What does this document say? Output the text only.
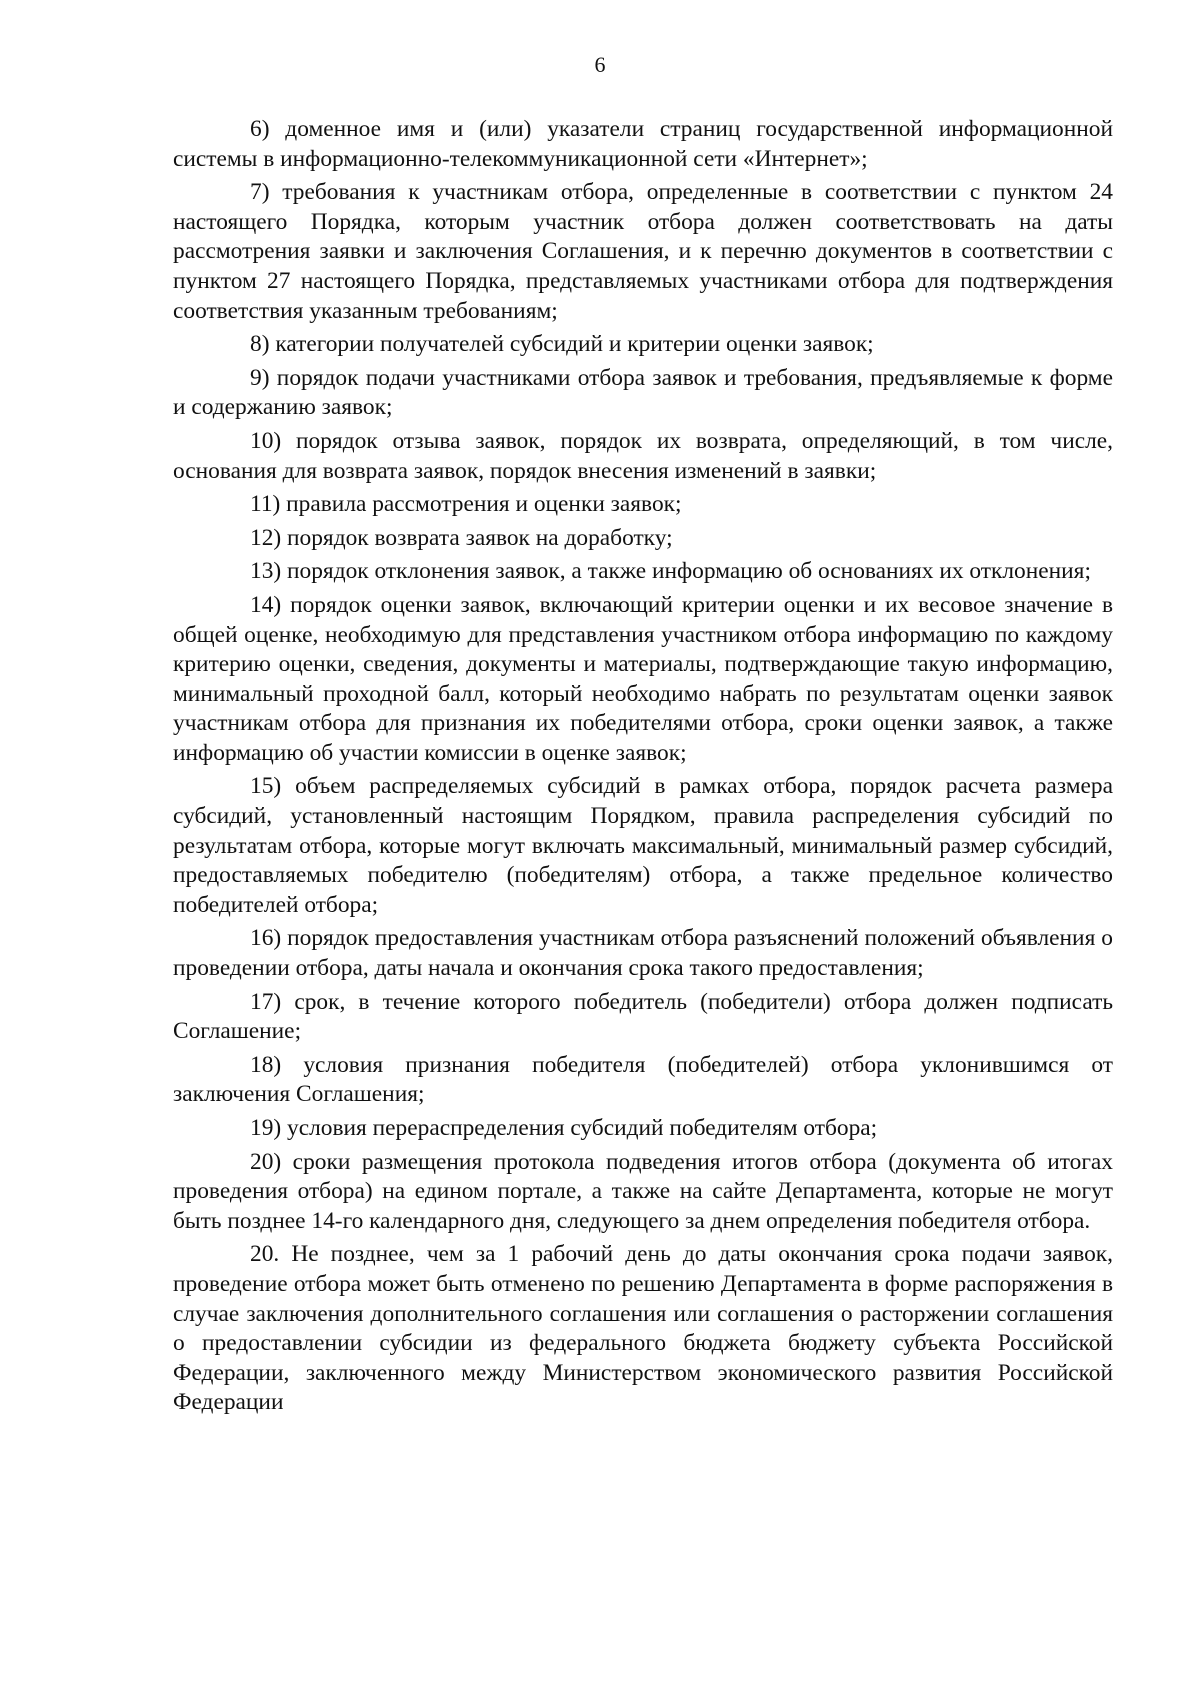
6

6) доменное имя и (или) указатели страниц государственной информационной системы в информационно-телекоммуникационной сети «Интернет»;

7) требования к участникам отбора, определенные в соответствии с пунктом 24 настоящего Порядка, которым участник отбора должен соответствовать на даты рассмотрения заявки и заключения Соглашения, и к перечню документов в соответствии с пунктом 27 настоящего Порядка, представляемых участниками отбора для подтверждения соответствия указанным требованиям;

8) категории получателей субсидий и критерии оценки заявок;

9) порядок подачи участниками отбора заявок и требования, предъявляемые к форме и содержанию заявок;

10) порядок отзыва заявок, порядок их возврата, определяющий, в том числе, основания для возврата заявок, порядок внесения изменений в заявки;

11) правила рассмотрения и оценки заявок;

12) порядок возврата заявок на доработку;

13) порядок отклонения заявок, а также информацию об основаниях их отклонения;

14) порядок оценки заявок, включающий критерии оценки и их весовое значение в общей оценке, необходимую для представления участником отбора информацию по каждому критерию оценки, сведения, документы и материалы, подтверждающие такую информацию, минимальный проходной балл, который необходимо набрать по результатам оценки заявок участникам отбора для признания их победителями отбора, сроки оценки заявок, а также информацию об участии комиссии в оценке заявок;

15) объем распределяемых субсидий в рамках отбора, порядок расчета размера субсидий, установленный настоящим Порядком, правила распределения субсидий по результатам отбора, которые могут включать максимальный, минимальный размер субсидий, предоставляемых победителю (победителям) отбора, а также предельное количество победителей отбора;

16) порядок предоставления участникам отбора разъяснений положений объявления о проведении отбора, даты начала и окончания срока такого предоставления;

17) срок, в течение которого победитель (победители) отбора должен подписать Соглашение;

18) условия признания победителя (победителей) отбора уклонившимся от заключения Соглашения;

19) условия перераспределения субсидий победителям отбора;

20) сроки размещения протокола подведения итогов отбора (документа об итогах проведения отбора) на едином портале, а также на сайте Департамента, которые не могут быть позднее 14-го календарного дня, следующего за днем определения победителя отбора.

20. Не позднее, чем за 1 рабочий день до даты окончания срока подачи заявок, проведение отбора может быть отменено по решению Департамента в форме распоряжения в случае заключения дополнительного соглашения или соглашения о расторжении соглашения о предоставлении субсидии из федерального бюджета бюджету субъекта Российской Федерации, заключенного между Министерством экономического развития Российской Федерации
